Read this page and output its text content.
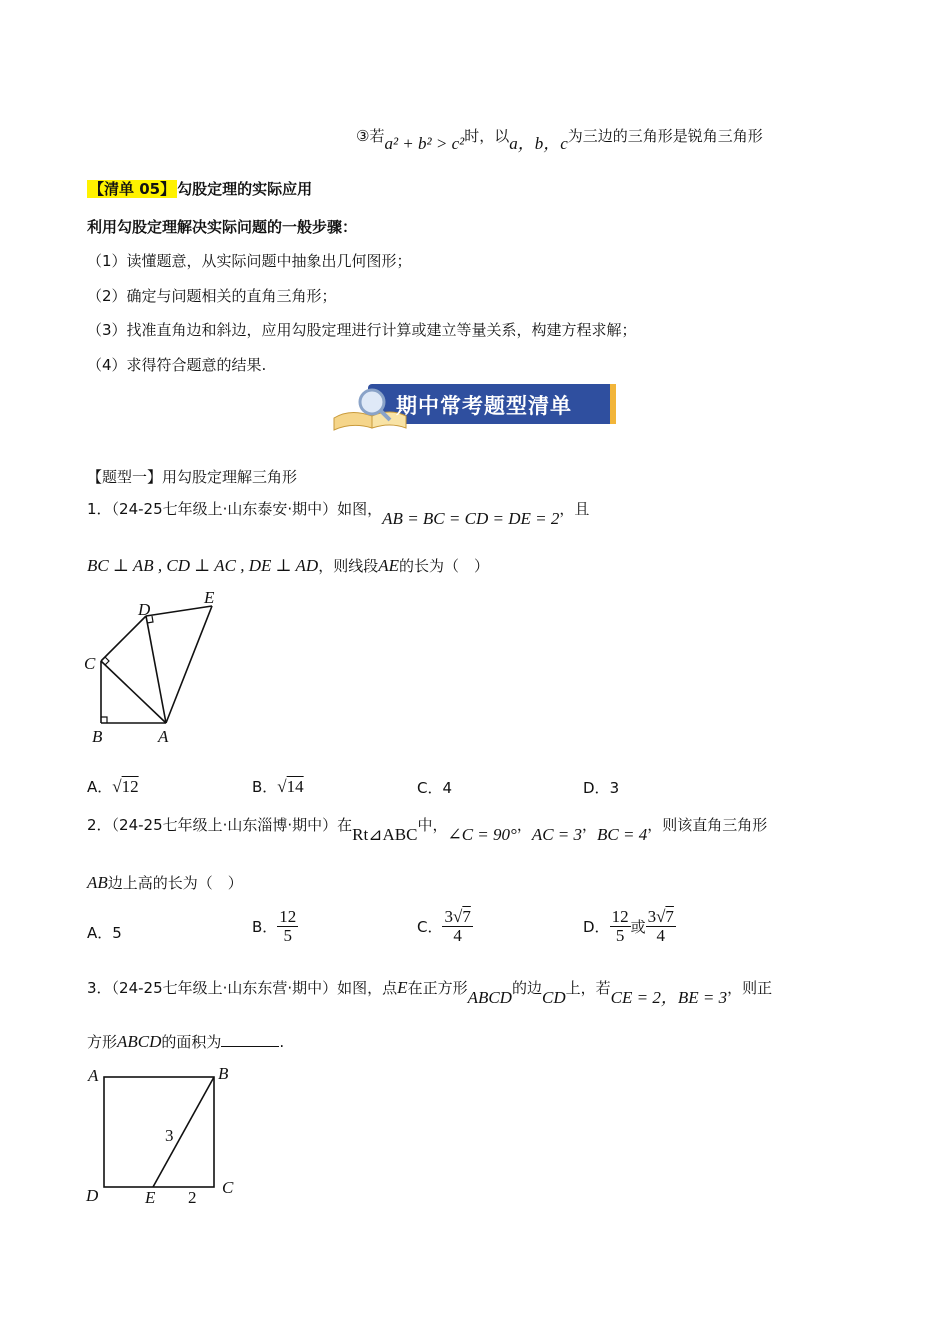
③若a² + b² > c²时，以a，b，c为三边的三角形是锐角三角形
【清单 05】 勾股定理的实际应用
利用勾股定理解决实际问题的一般步骤：
（1）读懂题意，从实际问题中抽象出几何图形；
（2）确定与问题相关的直角三角形；
（3）找准直角边和斜边，应用勾股定理进行计算或建立等量关系，构建方程求解；
（4）求得符合题意的结果.
期中常考题型清单
【题型一】用勾股定理解三角形
1．（24-25七年级上·山东泰安·期中）如图，AB = BC = CD = DE = 2，且
BC ⊥ AB , CD ⊥ AC , DE ⊥ AD，则线段AE的长为（　）
B	A
C
D
E
A．√12	B．√14	C．4	D．3
2．（24-25七年级上·山东淄博·期中）在Rt⊿ABC中，∠C = 90°，AC = 3，BC = 4，则该直角三角形
AB边上高的长为（　）
A．5	B． $\frac{12}{5}$	C． $\frac{3√7}{4}$	D． $\frac{12}{5}$ 或 $\frac{3√7}{4}$
3．（24-25七年级上·山东东营·期中）如图，点E在正方形ABCD的边CD上，若CE = 2，BE = 3，则正
方形ABCD的面积为	.
A	B
C
D	E
3
2
